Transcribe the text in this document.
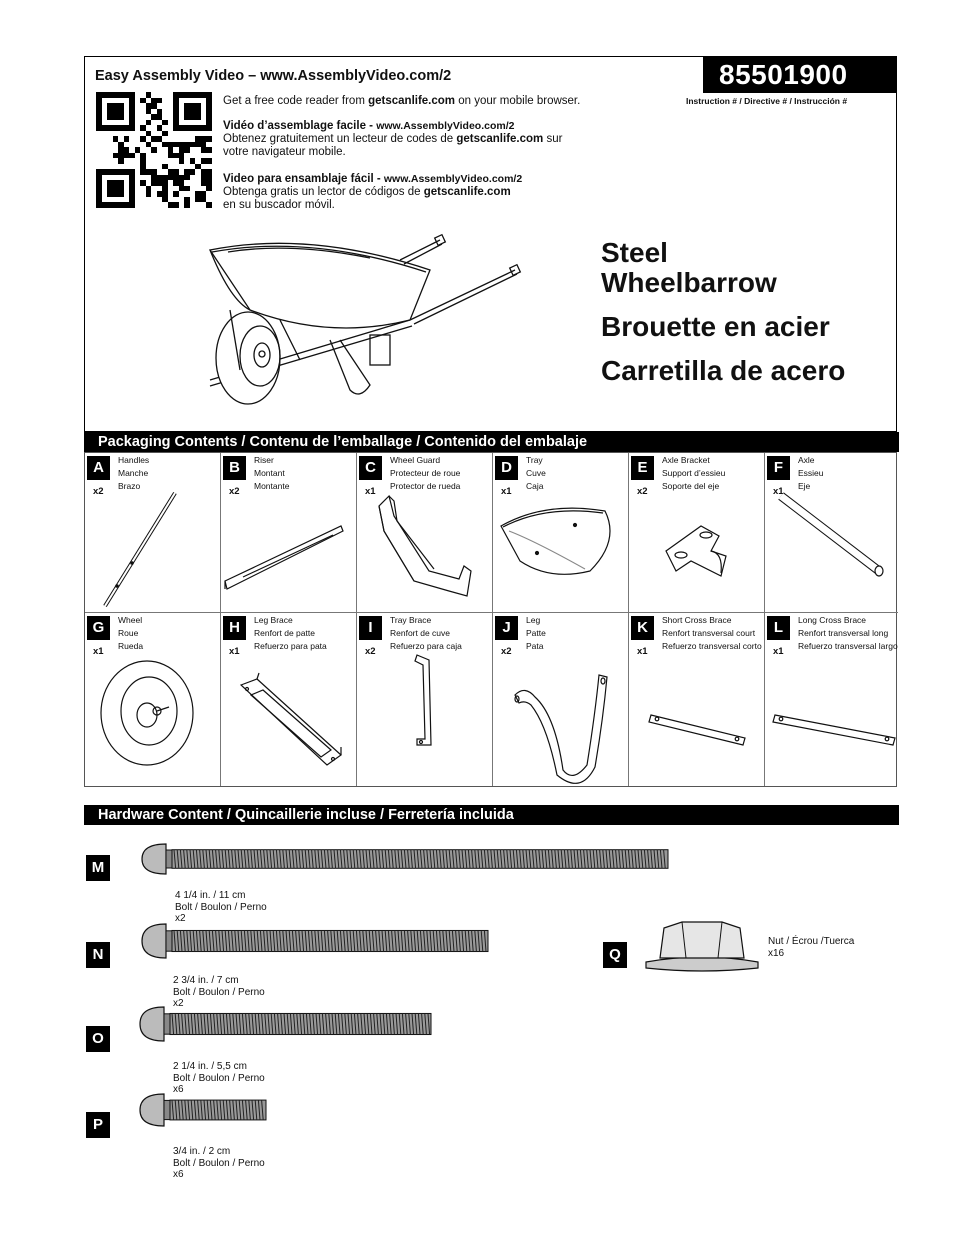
85501900
Instruction # / Directive # / Instrucción #
Easy Assembly Video – www.AssemblyVideo.com/2
Get a free code reader from getscanlife.com on your mobile browser.
Vidéo d’assemblage facile - www.AssemblyVideo.com/2
Obtenez gratuitement un lecteur de codes de getscanlife.com sur
votre navigateur mobile.
Video para ensamblaje fácil - www.AssemblyVideo.com/2
Obtenga gratis un lector de códigos de getscanlife.com
en su buscador móvil.
Steel
Wheelbarrow
Brouette en acier
Carretilla de acero
Packaging Contents / Contenu de l’emballage / Contenido del embalaje
A
x2
Handles
Manche
Brazo
B
x2
Riser
Montant
Montante
C
x1
Wheel Guard
Protecteur de roue
Protector de rueda
D
x1
Tray
Cuve
Caja
E
x2
Axle Bracket
Support d’essieu
Soporte del eje
F
x1
Axle
Essieu
Eje
G
x1
Wheel
Roue
Rueda
H
x1
Leg Brace
Renfort de patte
Refuerzo para pata
I
x2
Tray Brace
Renfort de cuve
Refuerzo para caja
J
x2
Leg
Patte
Pata
K
x1
Short Cross Brace
Renfort transversal court
Refuerzo transversal corto
L
x1
Long Cross Brace
Renfort transversal long
Refuerzo transversal largo
Hardware Content / Quincaillerie incluse / Ferretería incluida
M
4 1/4 in. / 11 cm
Bolt / Boulon / Perno
x2
N
2 3/4 in. / 7 cm
Bolt / Boulon / Perno
x2
O
2 1/4 in. / 5,5 cm
Bolt / Boulon / Perno
x6
P
3/4 in. / 2 cm
Bolt / Boulon / Perno
x6
Q
Nut / Écrou /Tuerca
x16
